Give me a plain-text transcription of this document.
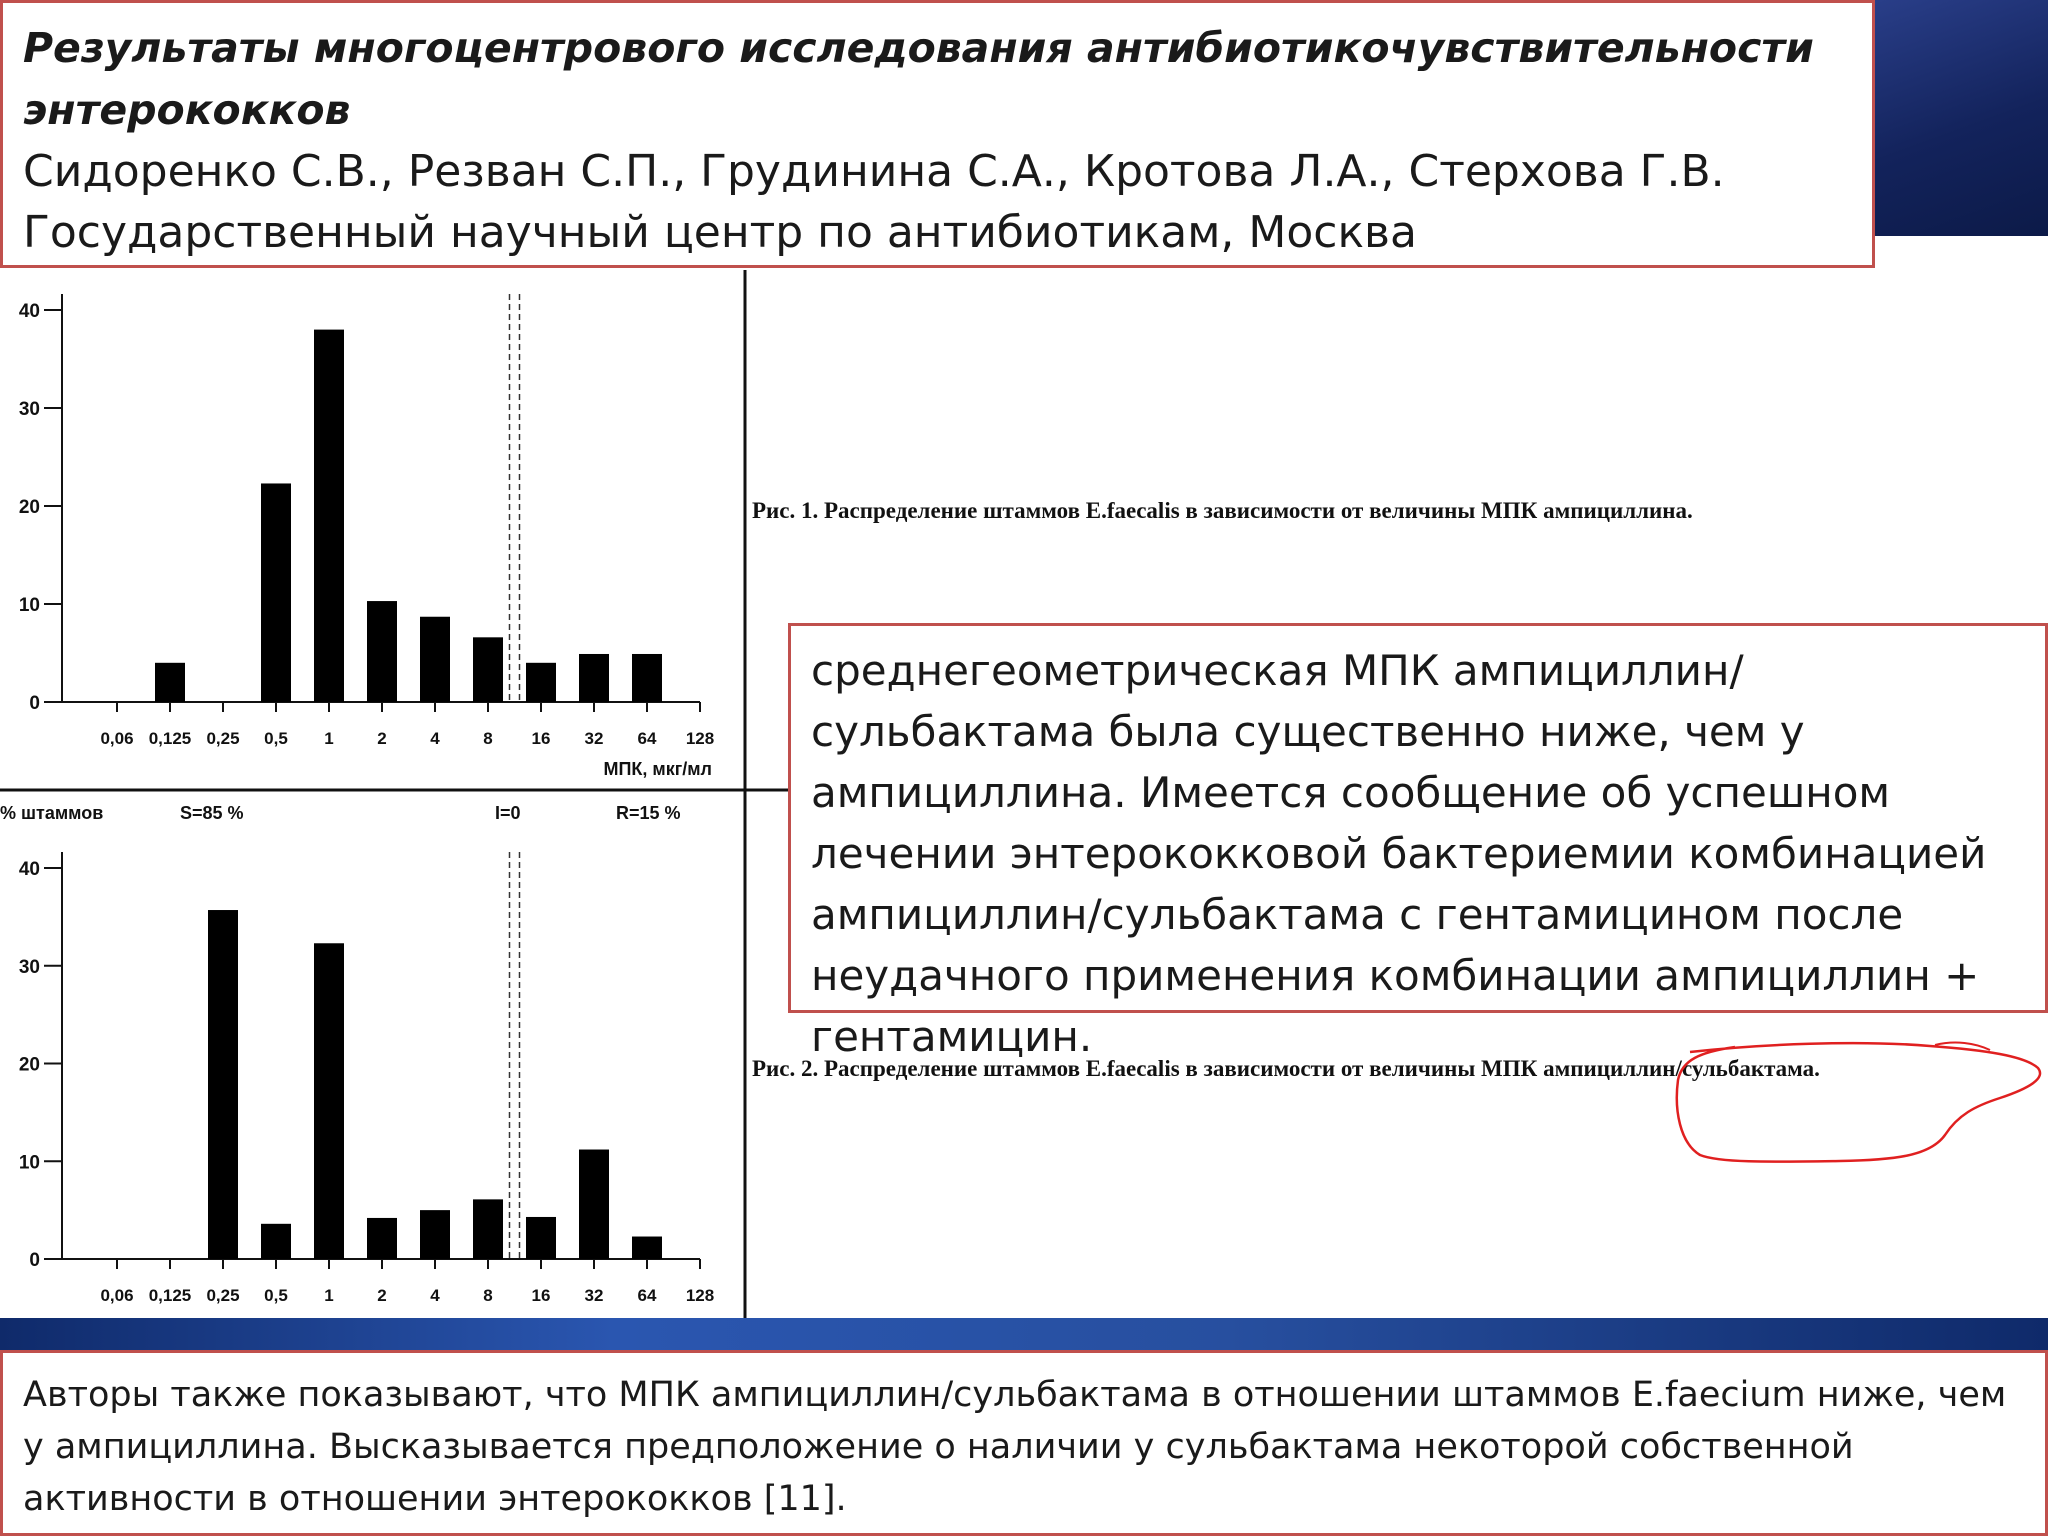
Результаты многоцентрового исследования антибиотикочувствительности энтерококков
Сидоренко С.В., Резван С.П., Грудинина С.А., Кротова Л.А., Стерхова Г.В.
Государственный научный центр по антибиотикам, Москва
% штаммов	S=85 %	I=0	R=15 %
0
10
20
30
40
0,06 0,125 0,25 0,5 1	2	4	8 16 32 64 128
МПК, мкг/мл
0
10
20
30
40
0,06 0,125 0,25 0,5 1	2	4	8 16 32 64 128
Рис. 1. Распределение штаммов E.faecalis в зависимости от величины МПК ампициллина.
Рис. 2. Распределение штаммов E.faecalis в зависимости от величины МПК ампициллин/сульбактама.
среднегеометрическая МПК ампициллин/сульбактама была существенно ниже, чем у ампициллина. Имеется сообщение об успешном лечении энтерококковой бактериемии комбинацией ампициллин/сульбактама с гентамицином после неудачного применения комбинации ампициллин + гентамицин.
Авторы также показывают, что МПК ампициллин/сульбактама в отношении штаммов E.faecium ниже, чем у ампициллина. Высказывается предположение о наличии у сульбактама некоторой собственной активности в отношении энтерококков [11].
